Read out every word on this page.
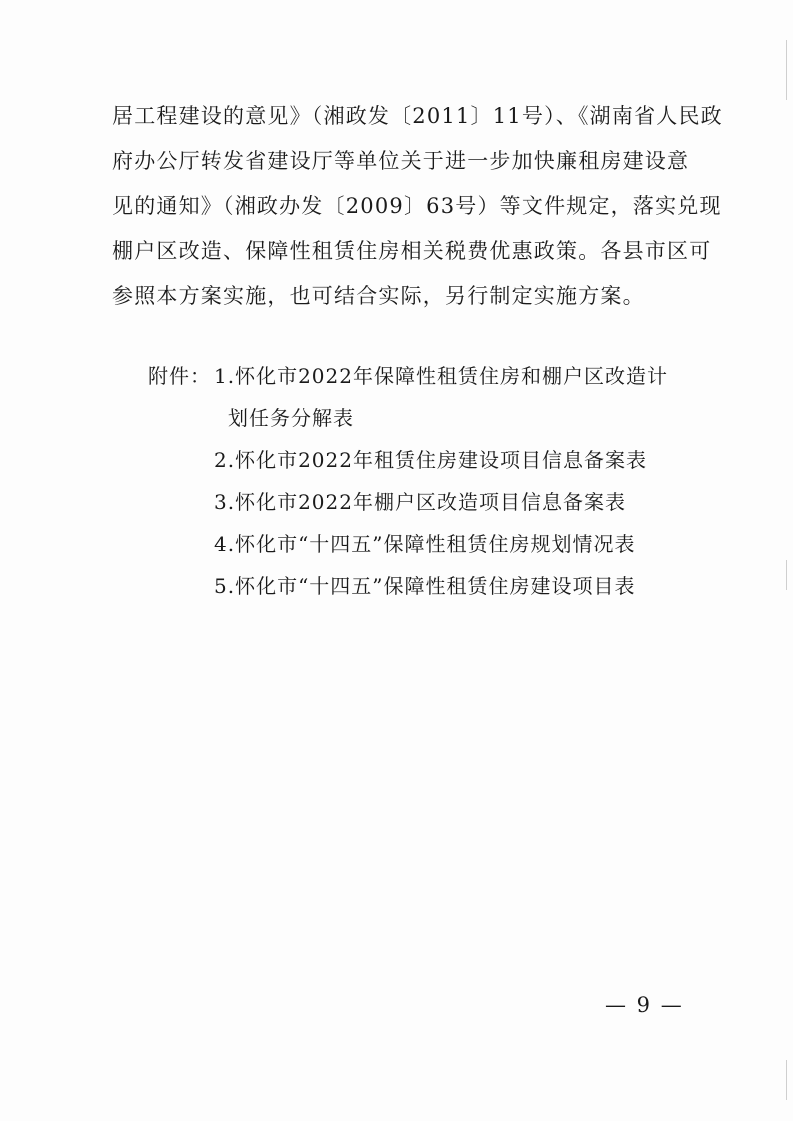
居工程建设的意见》（湘政发〔2011〕11号）、《湖南省人民政
府办公厅转发省建设厅等单位关于进一步加快廉租房建设意
见的通知》（湘政办发〔2009〕63号）等文件规定，落实兑现
棚户区改造、保障性租赁住房相关税费优惠政策。各县市区可
参照本方案实施，也可结合实际，另行制定实施方案。
附件： 1.怀化市2022年保障性租赁住房和棚户区改造计
划任务分解表
2.怀化市2022年租赁住房建设项目信息备案表
3.怀化市2022年棚户区改造项目信息备案表
4.怀化市“十四五”保障性租赁住房规划情况表
5.怀化市“十四五”保障性租赁住房建设项目表
— 9 —
